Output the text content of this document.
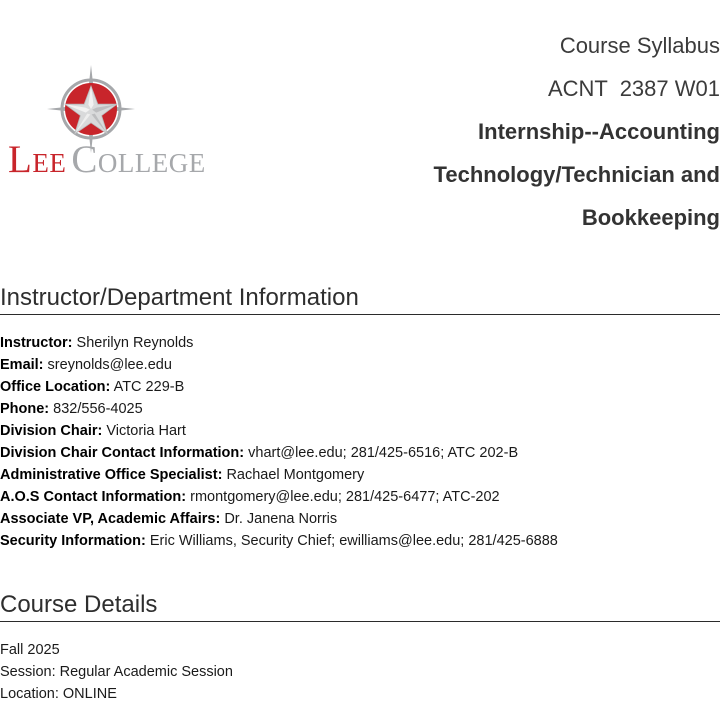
Lee College
Course Syllabus
ACNT  2387 W01
Internship--Accounting
Technology/Technician and
Bookkeeping
Instructor/Department Information
Instructor: Sherilyn Reynolds
Email: sreynolds@lee.edu
Office Location: ATC 229-B
Phone: 832/556-4025
Division Chair: Victoria Hart
Division Chair Contact Information: vhart@lee.edu; 281/425-6516; ATC 202-B
Administrative Office Specialist: Rachael Montgomery
A.O.S Contact Information: rmontgomery@lee.edu; 281/425-6477; ATC-202
Associate VP, Academic Affairs: Dr. Janena Norris
Security Information: Eric Williams, Security Chief; ewilliams@lee.edu; 281/425-6888
Course Details
Fall 2025
Session: Regular Academic Session
Location: ONLINE
